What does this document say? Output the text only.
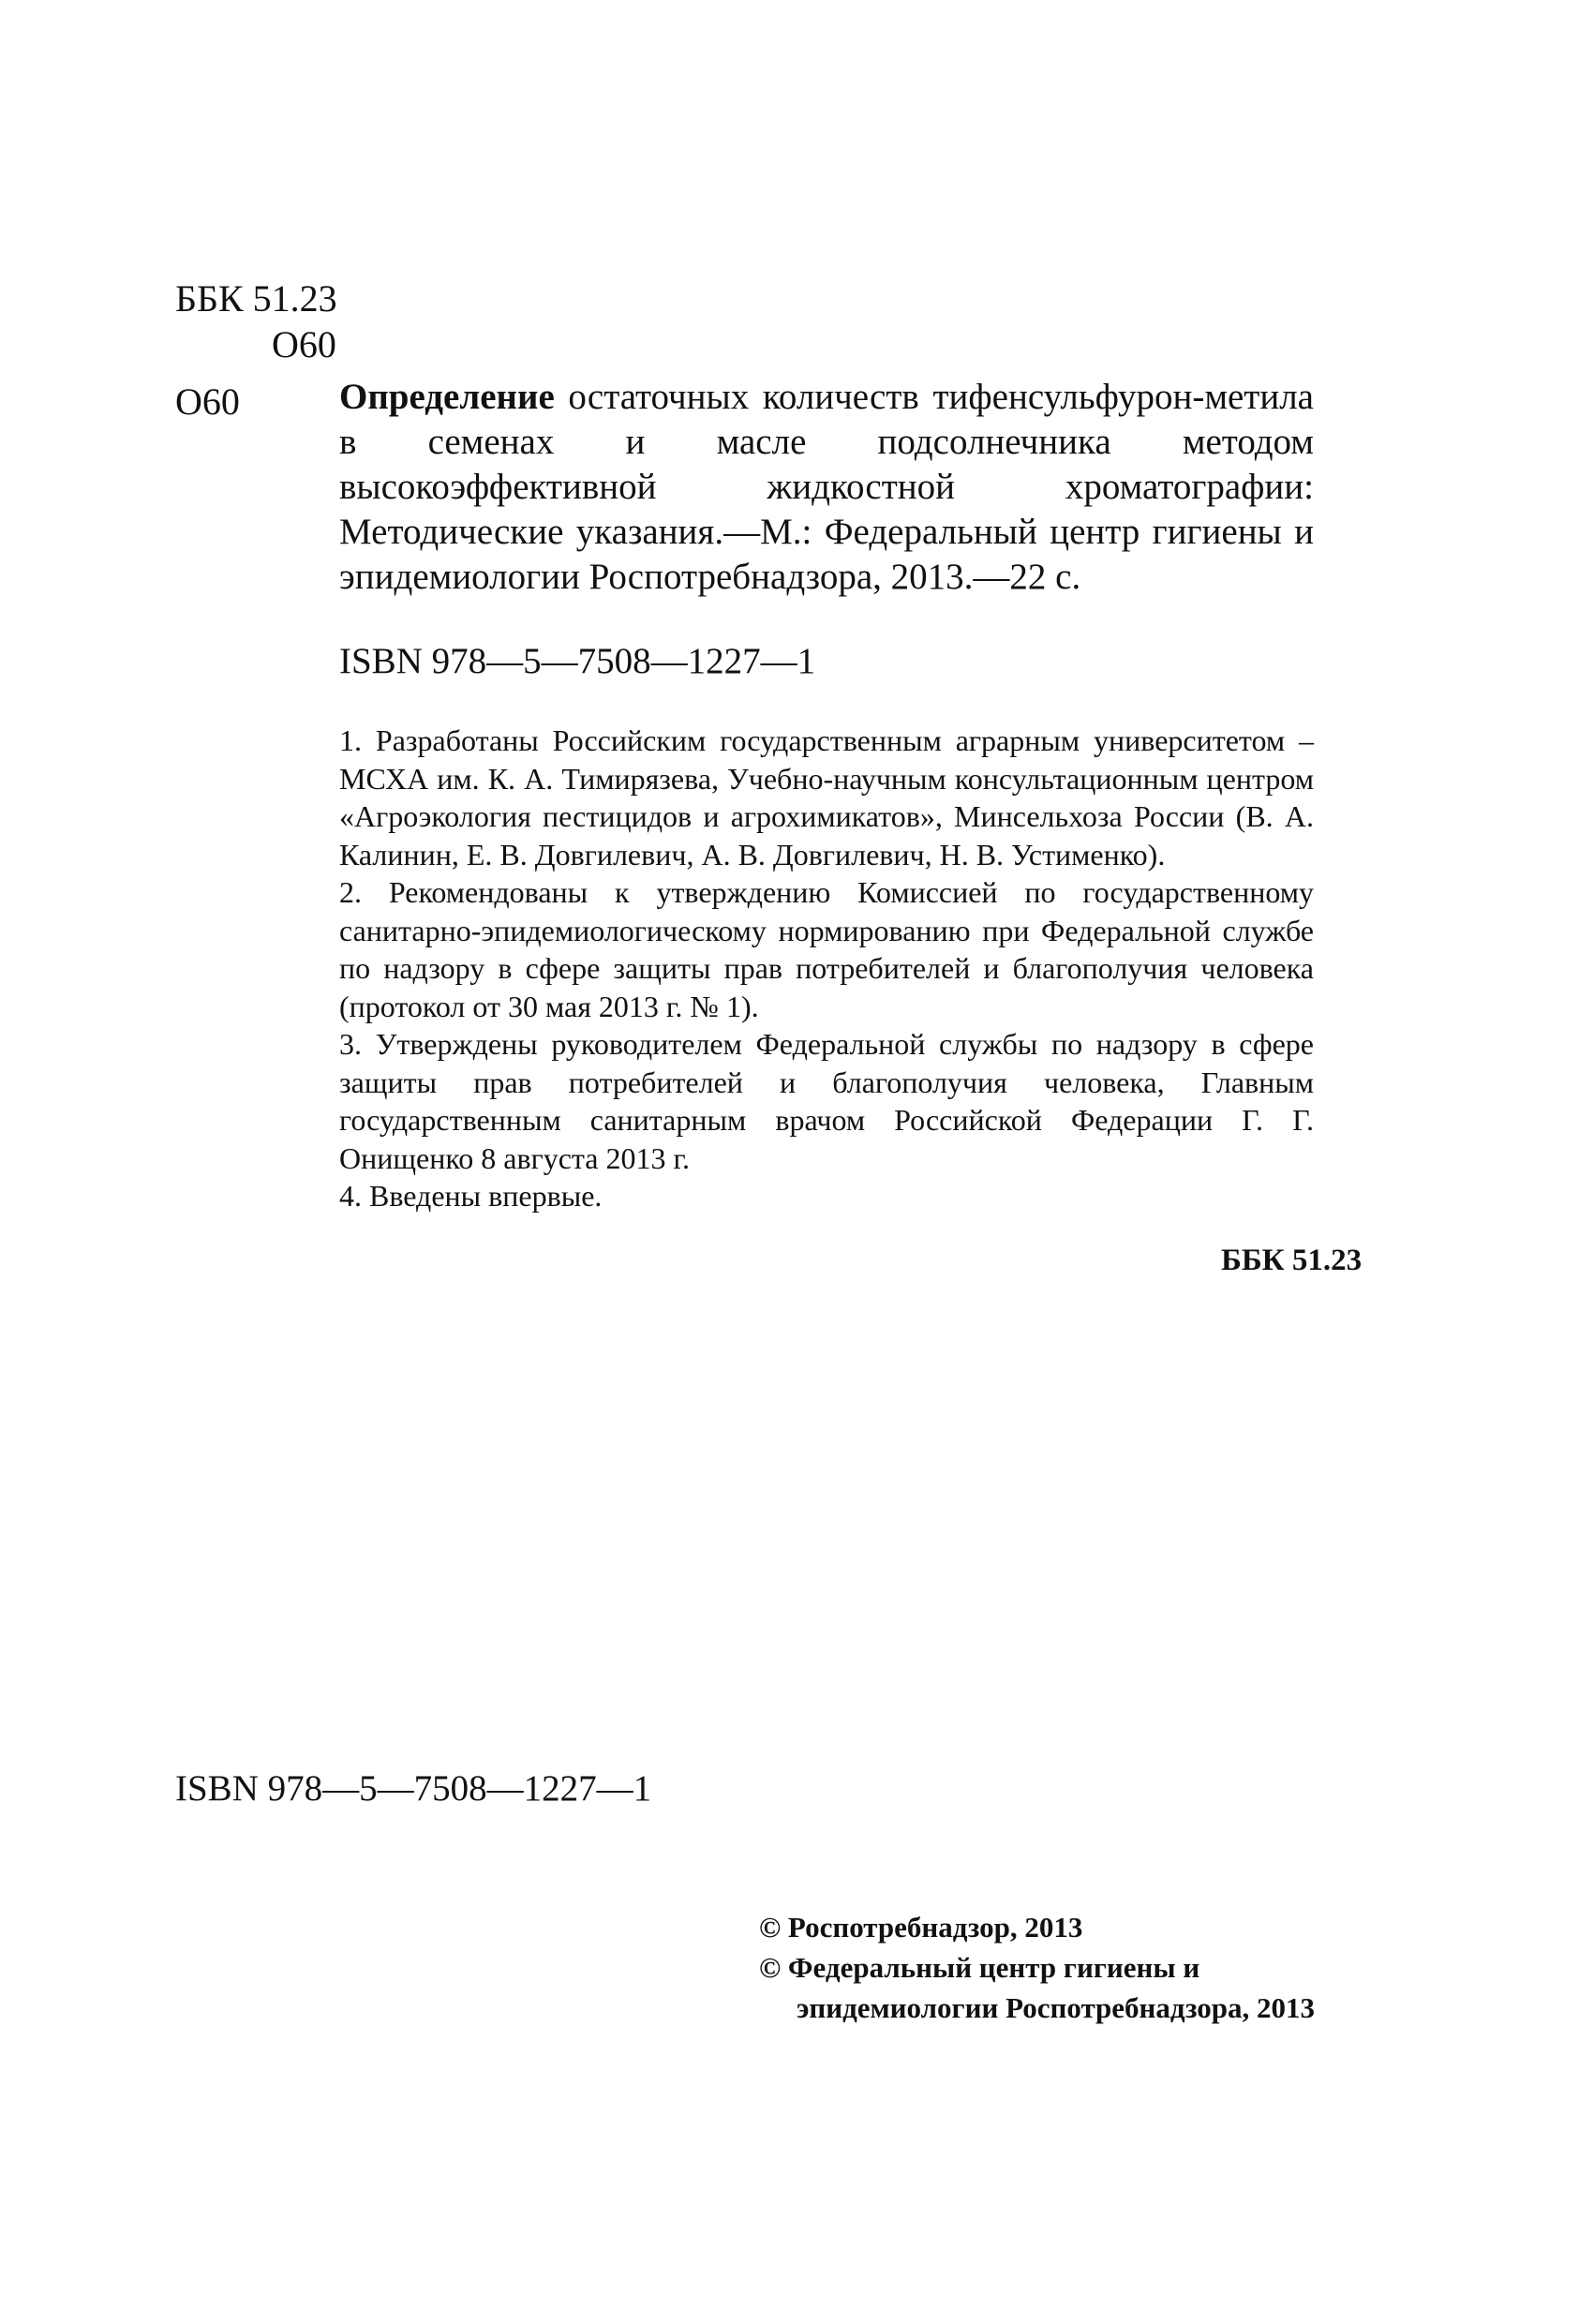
ББК 51.23
О60
О60	Определение остаточных количеств тифенсульфурон-метила в семенах и масле подсолнечника методом высокоэффективной жидкостной хроматографии: Методические указания.—М.: Федеральный центр гигиены и эпидемиологии Роспотребнадзора, 2013.—22 с.
ISBN 978—5—7508—1227—1
1. Разработаны Российским государственным аграрным университетом – МСХА им. К. А. Тимирязева, Учебно-научным консультационным центром «Агроэкология пестицидов и агрохимикатов», Минсельхоза России (В. А. Калинин, Е. В. Довгилевич, А. В. Довгилевич, Н. В. Устименко).
2. Рекомендованы к утверждению Комиссией по государственному санитарно-эпидемиологическому нормированию при Федеральной службе по надзору в сфере защиты прав потребителей и благополучия человека (протокол от 30 мая 2013 г. № 1).
3. Утверждены руководителем Федеральной службы по надзору в сфере защиты прав потребителей и благополучия человека, Главным государственным санитарным врачом Российской Федерации Г. Г. Онищенко 8 августа 2013 г.
4. Введены впервые.
ББК 51.23
ISBN 978—5—7508—1227—1
© Роспотребнадзор, 2013
© Федеральный центр гигиены и
эпидемиологии Роспотребнадзора, 2013
